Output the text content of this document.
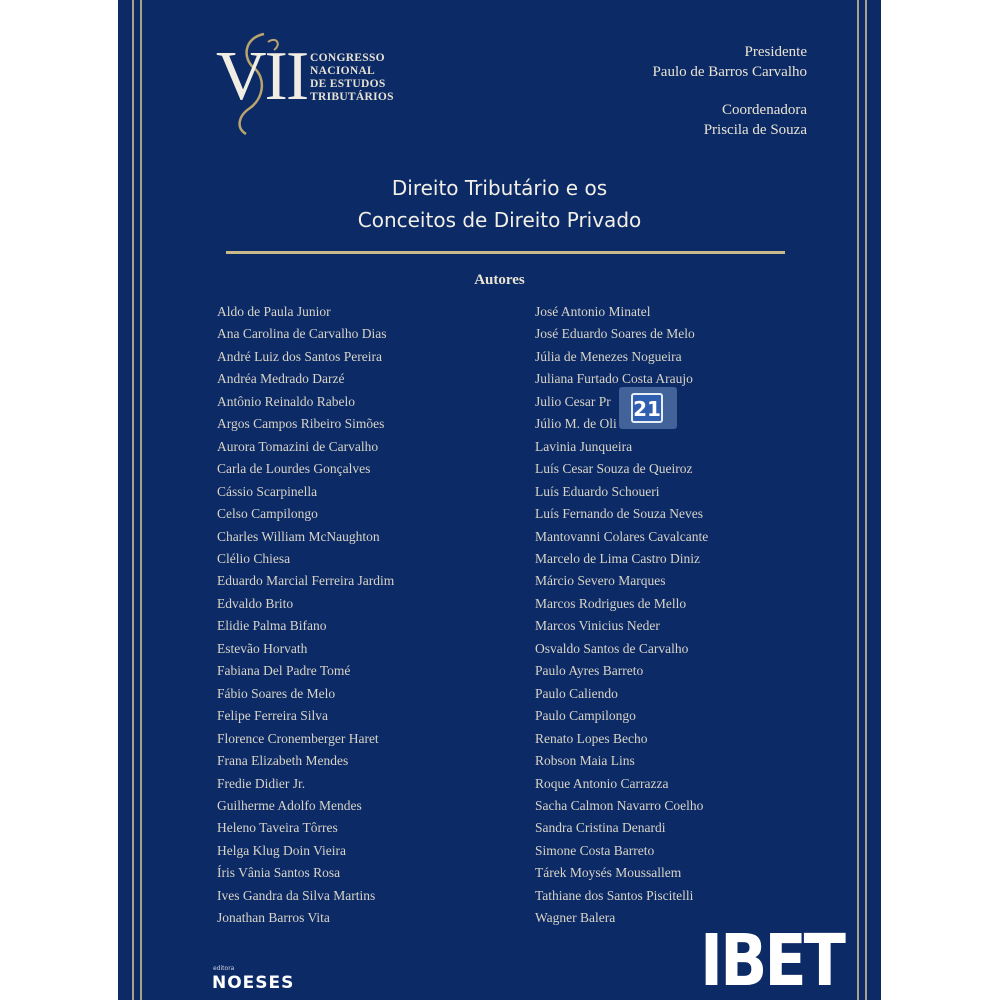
VII CONGRESSO
NACIONAL
DE ESTUDOS
TRIBUTÁRIOS
Presidente
Paulo de Barros Carvalho
Coordenadora
Priscila de Souza
Direito Tributário e os
Conceitos de Direito Privado
Autores
Aldo de Paula Junior
Ana Carolina de Carvalho Dias
André Luiz dos Santos Pereira
Andréa Medrado Darzé
Antônio Reinaldo Rabelo
Argos Campos Ribeiro Simões
Aurora Tomazini de Carvalho
Carla de Lourdes Gonçalves
Cássio Scarpinella
Celso Campilongo
Charles William McNaughton
Clélio Chiesa
Eduardo Marcial Ferreira Jardim
Edvaldo Brito
Elidie Palma Bifano
Estevão Horvath
Fabiana Del Padre Tomé
Fábio Soares de Melo
Felipe Ferreira Silva
Florence Cronemberger Haret
Frana Elizabeth Mendes
Fredie Didier Jr.
Guilherme Adolfo Mendes
Heleno Taveira Tôrres
Helga Klug Doin Vieira
Íris Vânia Santos Rosa
Ives Gandra da Silva Martins
Jonathan Barros Vita
José Antonio Minatel
José Eduardo Soares de Melo
Júlia de Menezes Nogueira
Juliana Furtado Costa Araujo
Julio Cesar Pr
Júlio M. de Oli
Lavinia Junqueira
Luís Cesar Souza de Queiroz
Luís Eduardo Schoueri
Luís Fernando de Souza Neves
Mantovanni Colares Cavalcante
Marcelo de Lima Castro Diniz
Márcio Severo Marques
Marcos Rodrigues de Mello
Marcos Vinicius Neder
Osvaldo Santos de Carvalho
Paulo Ayres Barreto
Paulo Caliendo
Paulo Campilongo
Renato Lopes Becho
Robson Maia Lins
Roque Antonio Carrazza
Sacha Calmon Navarro Coelho
Sandra Cristina Denardi
Simone Costa Barreto
Tárek Moysés Moussallem
Tathiane dos Santos Piscitelli
Wagner Balera
21
editora
NOESES	IBET
